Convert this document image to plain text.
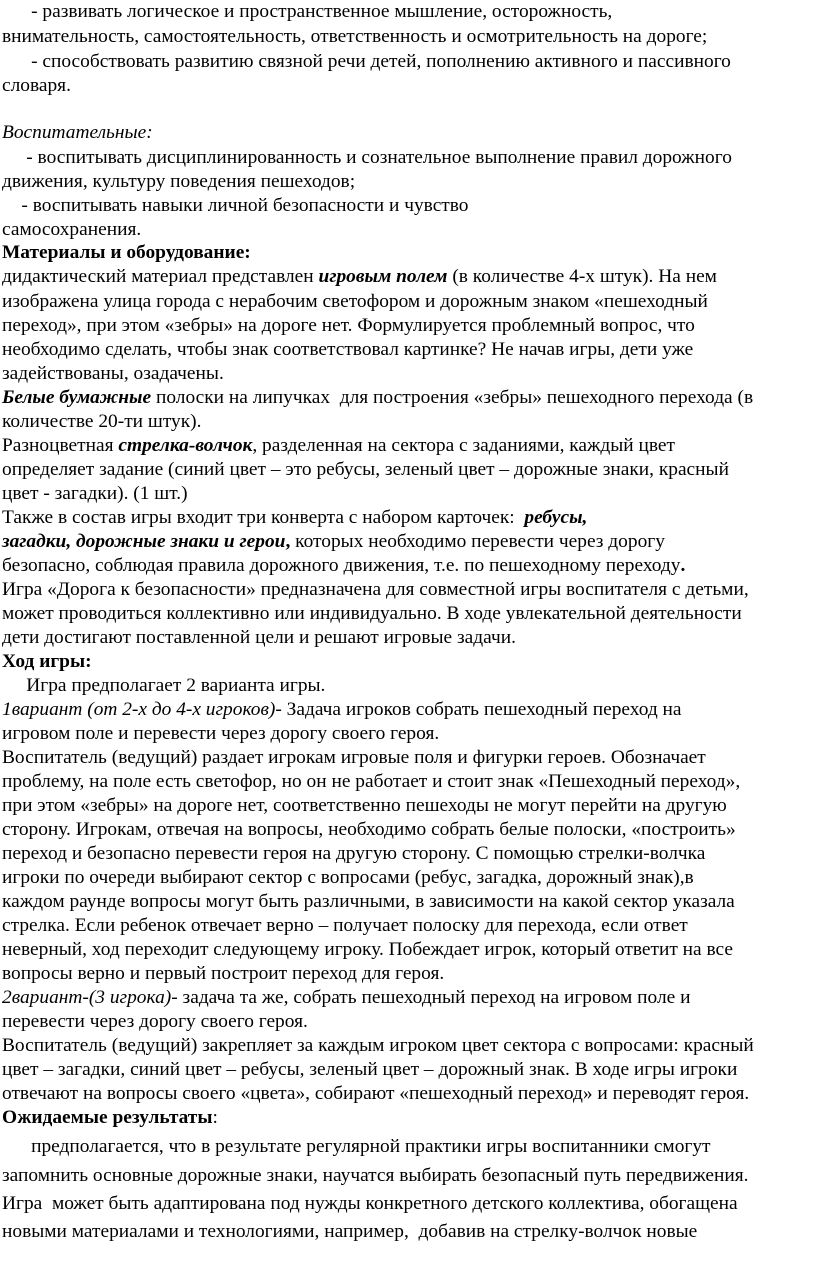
- развивать логическое и пространственное мышление, осторожность,
внимательность, самостоятельность, ответственность и осмотрительность на дороге;
- способствовать развитию связной речи детей, пополнению активного и пассивного
словаря.
Воспитательные:
- воспитывать дисциплинированность и сознательное выполнение правил дорожного
движения, культуру поведения пешеходов;
- воспитывать навыки личной безопасности и чувство
самосохранения.
Материалы и оборудование:
дидактический материал представлен игровым полем (в количестве 4-х штук). На нем
изображена улица города с нерабочим светофором и дорожным знаком «пешеходный
переход», при этом «зебры» на дороге нет. Формулируется проблемный вопрос, что
необходимо сделать, чтобы знак соответствовал картинке? Не начав игры, дети уже
задействованы, озадачены.
Белые бумажные полоски на липучках  для построения «зебры» пешеходного перехода (в
количестве 20-ти штук).
Разноцветная стрелка-волчок, разделенная на сектора с заданиями, каждый цвет
определяет задание (синий цвет – это ребусы, зеленый цвет – дорожные знаки, красный
цвет - загадки). (1 шт.)
Также в состав игры входит три конверта с набором карточек:  ребусы,
загадки, дорожные знаки и герои, которых необходимо перевести через дорогу
безопасно, соблюдая правила дорожного движения, т.е. по пешеходному переходу.
Игра «Дорога к безопасности» предназначена для совместной игры воспитателя с детьми,
может проводиться коллективно или индивидуально. В ходе увлекательной деятельности
дети достигают поставленной цели и решают игровые задачи.
Ход игры:
Игра предполагает 2 варианта игры.
1вариант (от 2-х до 4-х игроков)- Задача игроков собрать пешеходный переход на
игровом поле и перевести через дорогу своего героя.
Воспитатель (ведущий) раздает игрокам игровые поля и фигурки героев. Обозначает
проблему, на поле есть светофор, но он не работает и стоит знак «Пешеходный переход»,
при этом «зебры» на дороге нет, соответственно пешеходы не могут перейти на другую
сторону. Игрокам, отвечая на вопросы, необходимо собрать белые полоски, «построить»
переход и безопасно перевести героя на другую сторону. С помощью стрелки-волчка
игроки по очереди выбирают сектор с вопросами (ребус, загадка, дорожный знак),в
каждом раунде вопросы могут быть различными, в зависимости на какой сектор указала
стрелка. Если ребенок отвечает верно – получает полоску для перехода, если ответ
неверный, ход переходит следующему игроку. Побеждает игрок, который ответит на все
вопросы верно и первый построит переход для героя.
2вариант-(3 игрока)- задача та же, собрать пешеходный переход на игровом поле и
перевести через дорогу своего героя.
Воспитатель (ведущий) закрепляет за каждым игроком цвет сектора с вопросами: красный
цвет – загадки, синий цвет – ребусы, зеленый цвет – дорожный знак. В ходе игры игроки
отвечают на вопросы своего «цвета», собирают «пешеходный переход» и переводят героя.
Ожидаемые результаты:
предполагается, что в результате регулярной практики игры воспитанники смогут
запомнить основные дорожные знаки, научатся выбирать безопасный путь передвижения.
Игра  может быть адаптирована под нужды конкретного детского коллектива, обогащена
новыми материалами и технологиями, например,  добавив на стрелку-волчок новые
